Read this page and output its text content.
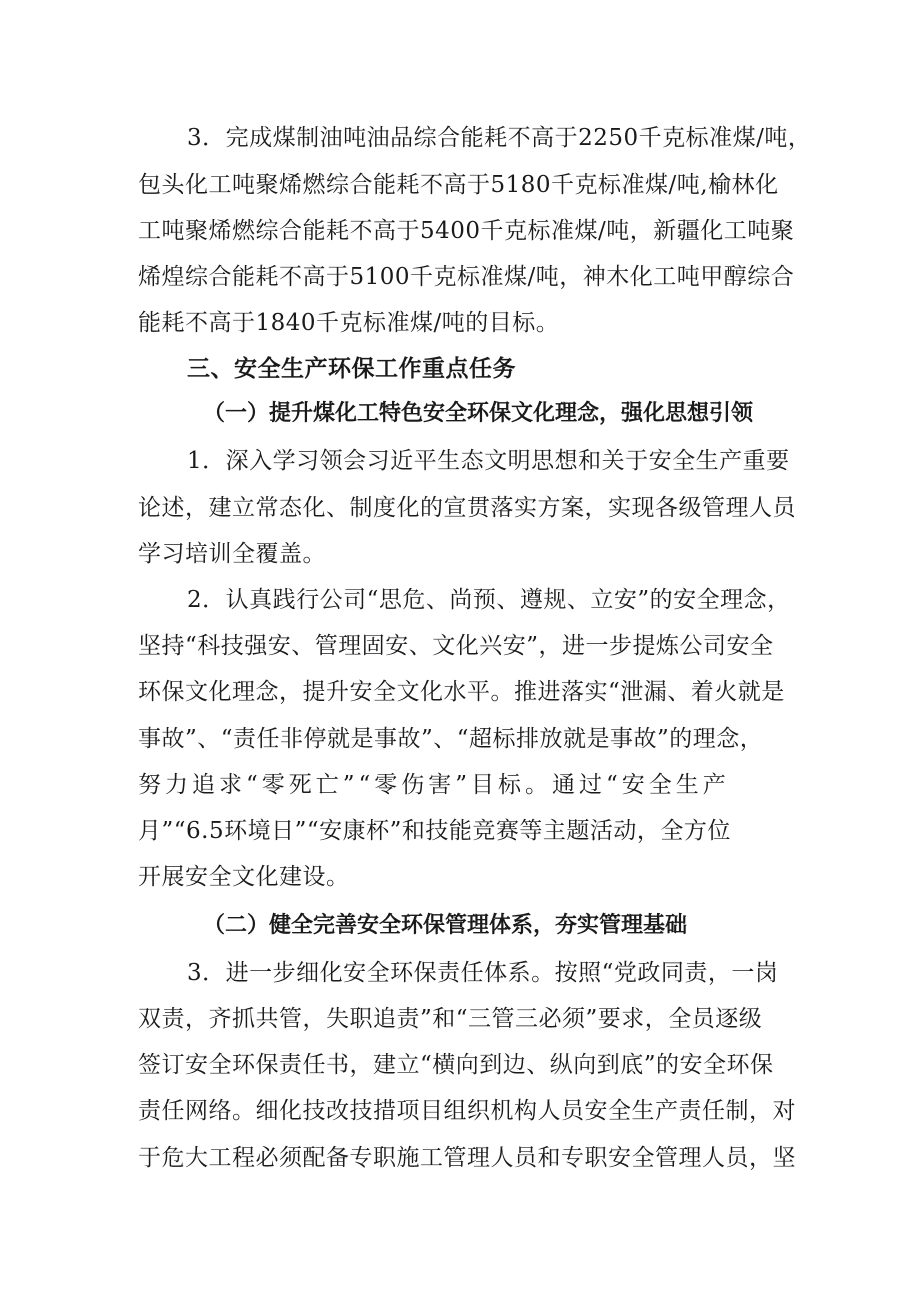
3．完成煤制油吨油品综合能耗不高于2250千克标准煤/吨，
包头化工吨聚烯燃综合能耗不高于5180千克标准煤/吨,榆林化
工吨聚烯燃综合能耗不高于5400千克标准煤/吨，新疆化工吨聚
烯煌综合能耗不高于5100千克标准煤/吨，神木化工吨甲醇综合
能耗不高于1840千克标准煤/吨的目标。
三、安全生产环保工作重点任务
（一）提升煤化工特色安全环保文化理念，强化思想引领
1．深入学习领会习近平生态文明思想和关于安全生产重要
论述，建立常态化、制度化的宣贯落实方案，实现各级管理人员
学习培训全覆盖。
2．认真践行公司“思危、尚预、遵规、立安”的安全理念，
坚持“科技强安、管理固安、文化兴安”，进一步提炼公司安全
环保文化理念，提升安全文化水平。推进落实“泄漏、着火就是
事故”、“责任非停就是事故”、“超标排放就是事故”的理念，
努力追求“零死亡”“零伤害”目标。通过“安全生产
月”“6.5环境日”“安康杯”和技能竞赛等主题活动，全方位
开展安全文化建设。
（二）健全完善安全环保管理体系，夯实管理基础
3．进一步细化安全环保责任体系。按照“党政同责，一岗
双责，齐抓共管，失职追责”和“三管三必须”要求，全员逐级
签订安全环保责任书，建立“横向到边、纵向到底”的安全环保
责任网络。细化技改技措项目组织机构人员安全生产责任制，对
于危大工程必须配备专职施工管理人员和专职安全管理人员，坚
